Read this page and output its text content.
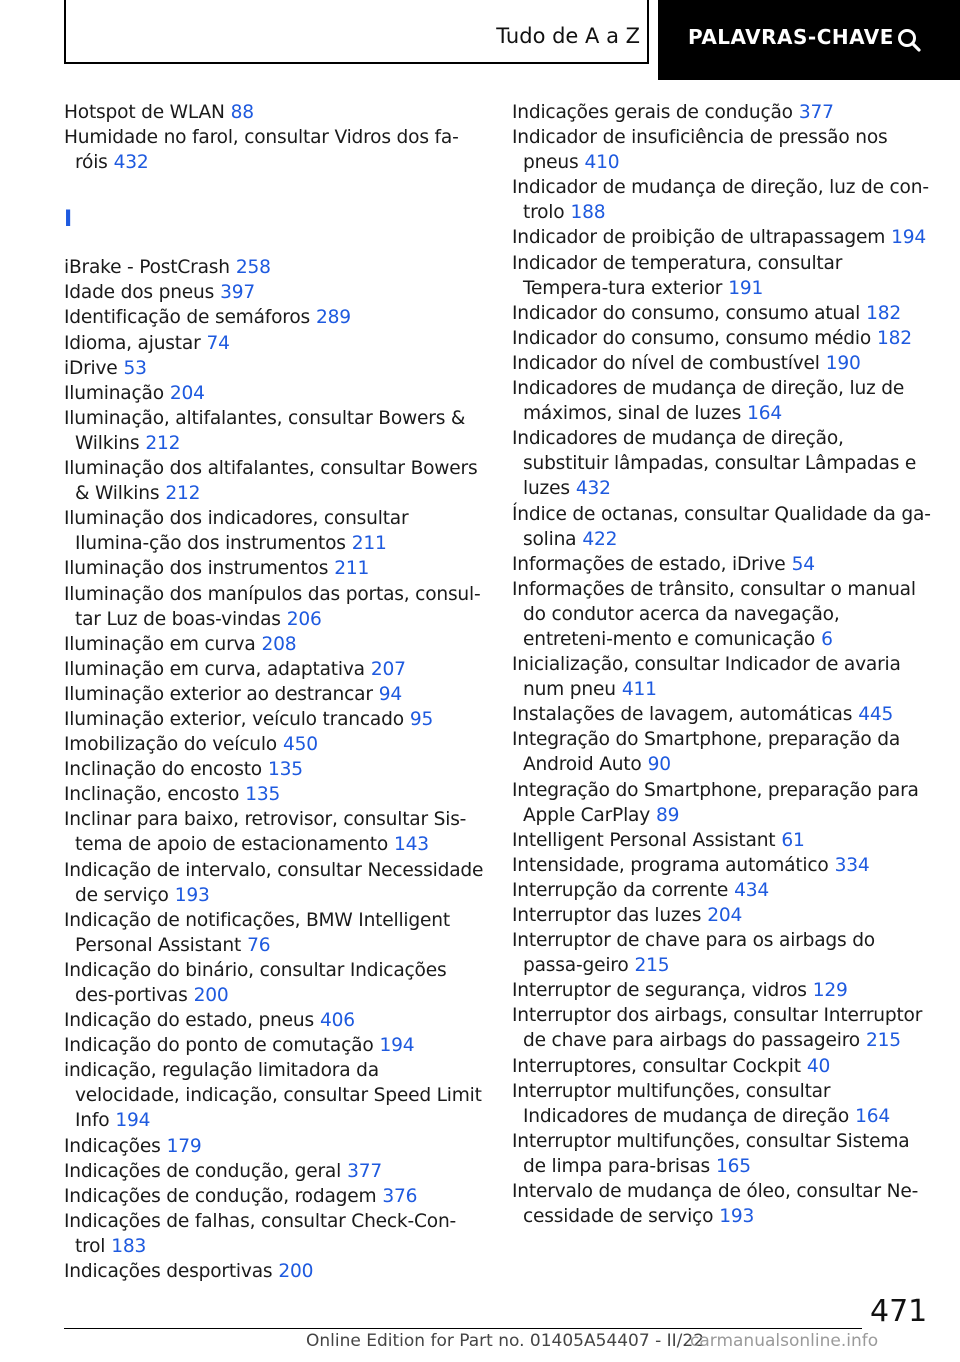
Tudo de A a Z PALAVRAS-CHAVE
Hotspot de WLAN 88
Humidade no farol, consultar Vidros dos fa-róis 432
I
iBrake - PostCrash 258
Idade dos pneus 397
Identificação de semáforos 289
Idioma, ajustar 74
iDrive 53
Iluminação 204
Iluminação, altifalantes, consultar Bowers & Wilkins 212
Iluminação dos altifalantes, consultar Bowers & Wilkins 212
Iluminação dos indicadores, consultar Ilumina-ção dos instrumentos 211
Iluminação dos instrumentos 211
Iluminação dos manípulos das portas, consul-tar Luz de boas-vindas 206
Iluminação em curva 208
Iluminação em curva, adaptativa 207
Iluminação exterior ao destrancar 94
Iluminação exterior, veículo trancado 95
Imobilização do veículo 450
Inclinação do encosto 135
Inclinação, encosto 135
Inclinar para baixo, retrovisor, consultar Sis-tema de apoio de estacionamento 143
Indicação de intervalo, consultar Necessidade de serviço 193
Indicação de notificações, BMW Intelligent Personal Assistant 76
Indicação do binário, consultar Indicações des-portivas 200
Indicação do estado, pneus 406
Indicação do ponto de comutação 194
indicação, regulação limitadora da velocidade, indicação, consultar Speed Limit Info 194
Indicações 179
Indicações de condução, geral 377
Indicações de condução, rodagem 376
Indicações de falhas, consultar Check-Con-trol 183
Indicações desportivas 200
Indicações gerais de condução 377
Indicador de insuficiência de pressão nos pneus 410
Indicador de mudança de direção, luz de con-trolo 188
Indicador de proibição de ultrapassagem 194
Indicador de temperatura, consultar Tempera-tura exterior 191
Indicador do consumo, consumo atual 182
Indicador do consumo, consumo médio 182
Indicador do nível de combustível 190
Indicadores de mudança de direção, luz de máximos, sinal de luzes 164
Indicadores de mudança de direção, substituir lâmpadas, consultar Lâmpadas e luzes 432
Índice de octanas, consultar Qualidade da ga-solina 422
Informações de estado, iDrive 54
Informações de trânsito, consultar o manual do condutor acerca da navegação, entreteni-mento e comunicação 6
Inicialização, consultar Indicador de avaria num pneu 411
Instalações de lavagem, automáticas 445
Integração do Smartphone, preparação da Android Auto 90
Integração do Smartphone, preparação para Apple CarPlay 89
Intelligent Personal Assistant 61
Intensidade, programa automático 334
Interrupção da corrente 434
Interruptor das luzes 204
Interruptor de chave para os airbags do passa-geiro 215
Interruptor de segurança, vidros 129
Interruptor dos airbags, consultar Interruptor de chave para airbags do passageiro 215
Interruptores, consultar Cockpit 40
Interruptor multifunções, consultar Indicadores de mudança de direção 164
Interruptor multifunções, consultar Sistema de limpa para-brisas 165
Intervalo de mudança de óleo, consultar Ne-cessidade de serviço 193
471
Online Edition for Part no. 01405A54407 - II/22
carmanualsonline.info
